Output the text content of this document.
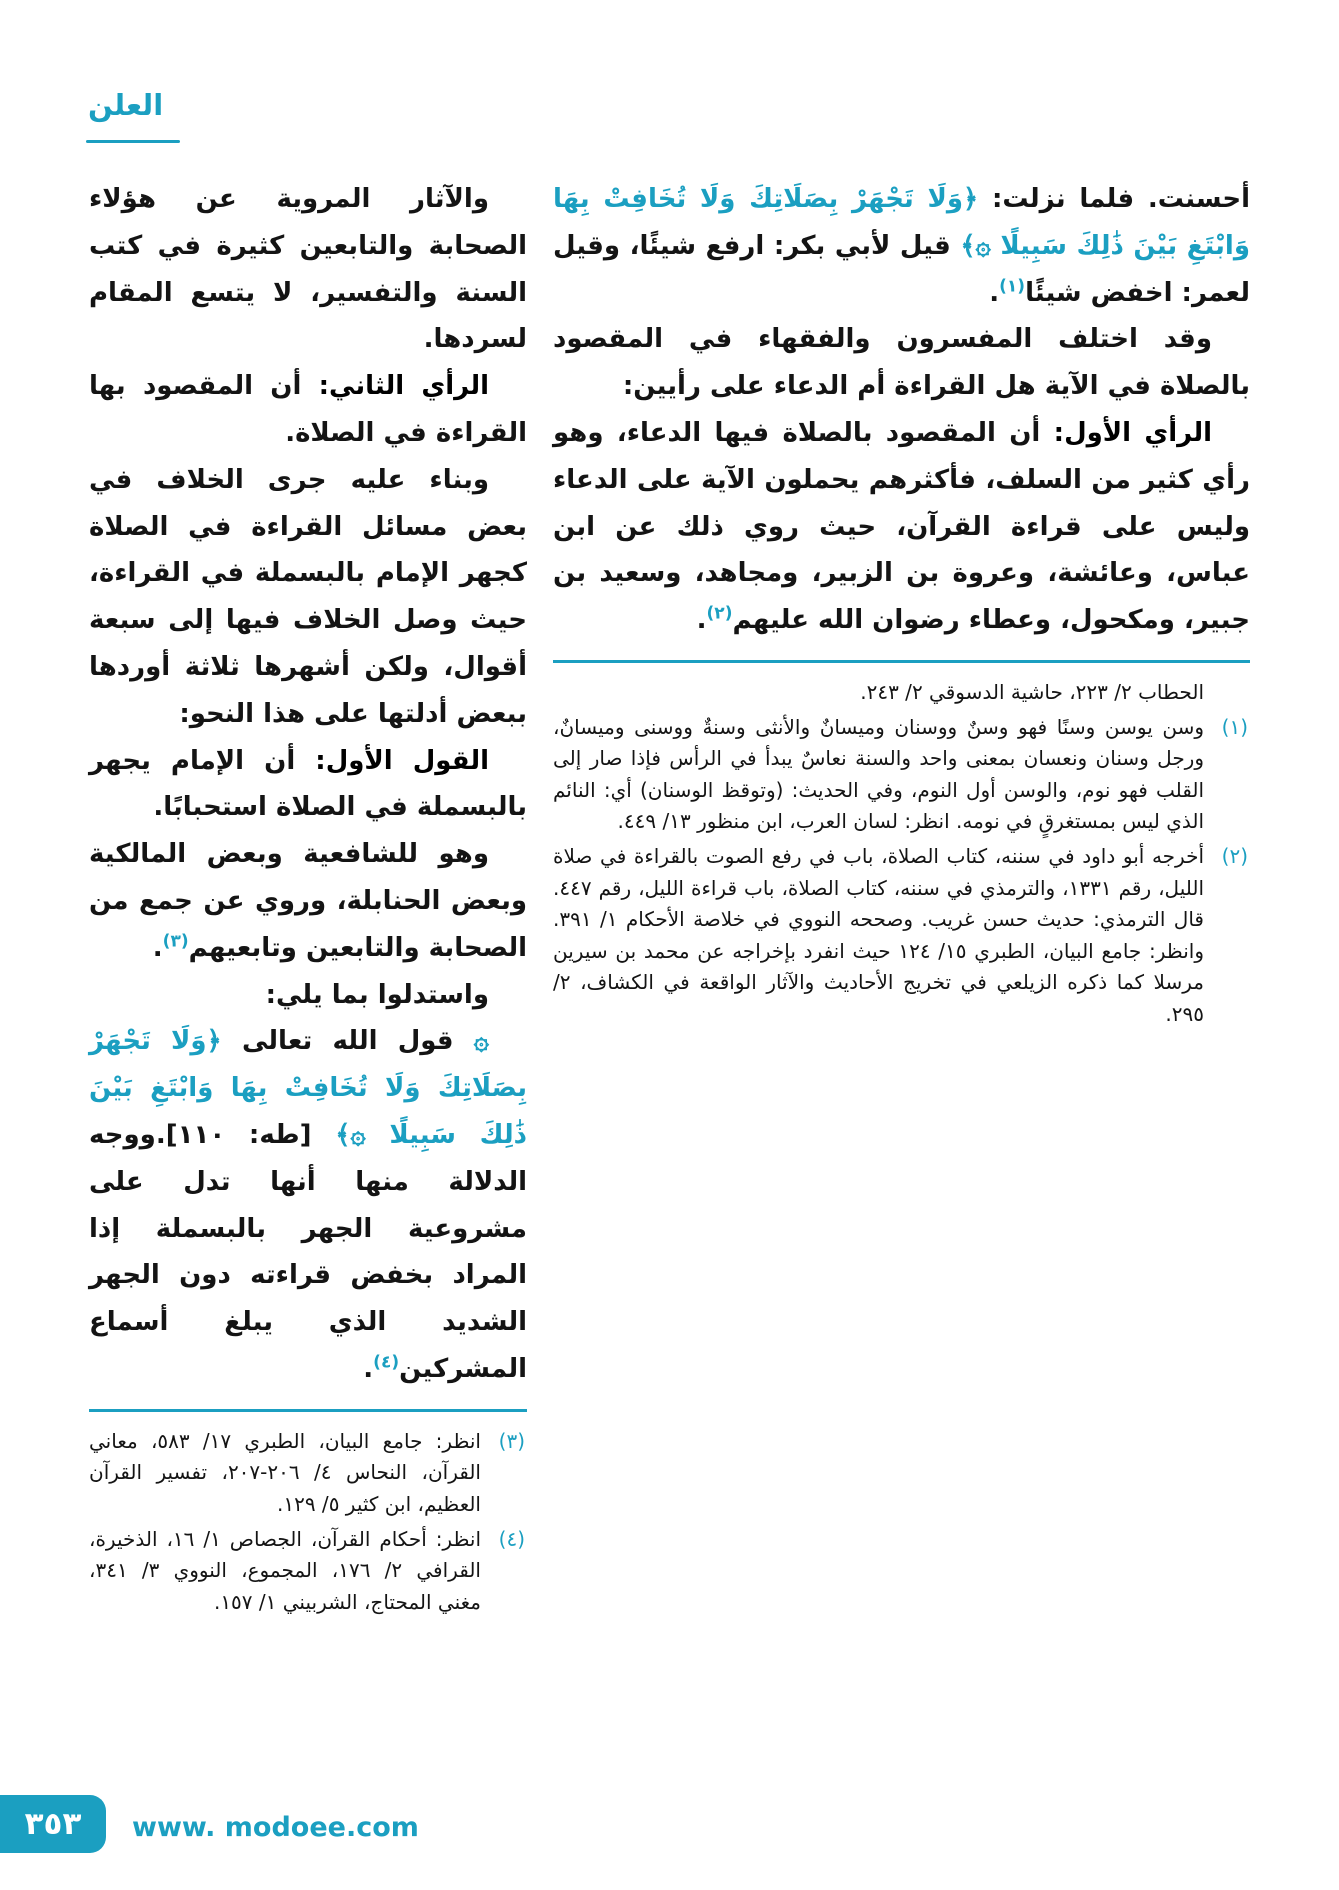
العلن

أحسنت. فلما نزلت: ﴿وَلَا تَجْهَرْ بِصَلَاتِكَ وَلَا تُخَافِتْ بِهَا وَابْتَغِ بَيْنَ ذَٰلِكَ سَبِيلًا ۞﴾ قيل لأبي بكر: ارفع شيئًا، وقيل لعمر: اخفض شيئًا$^{(١)}$.

وقد اختلف المفسرون والفقهاء في المقصود بالصلاة في الآية هل القراءة أم الدعاء على رأيين:

الرأي الأول: أن المقصود بالصلاة فيها الدعاء، وهو رأي كثير من السلف، فأكثرهم يحملون الآية على الدعاء وليس على قراءة القرآن، حيث روي ذلك عن ابن عباس، وعائشة، وعروة بن الزبير، ومجاهد، وسعيد بن جبير، ومكحول، وعطاء رضوان الله عليهم$^{(٢)}$.

الحطاب ٢/ ٢٢٣، حاشية الدسوقي ٢/ ٢٤٣.
(١)
وسن يوسن وسنًا فهو وسنٌ ووسنان وميسانٌ والأنثى وسنةٌ ووسنى وميسانٌ، ورجل وسنان ونعسان بمعنى واحد والسنة نعاسٌ يبدأ في الرأس فإذا صار إلى القلب فهو نوم، والوسن أول النوم، وفي الحديث: (وتوقظ الوسنان) أي: النائم الذي ليس بمستغرقٍ في نومه. انظر: لسان العرب، ابن منظور ١٣/ ٤٤٩.
(٢)
أخرجه أبو داود في سننه، كتاب الصلاة، باب في رفع الصوت بالقراءة في صلاة الليل، رقم ١٣٣١، والترمذي في سننه، كتاب الصلاة، باب قراءة الليل، رقم ٤٤٧. قال الترمذي: حديث حسن غريب. وصححه النووي في خلاصة الأحكام ١/ ٣٩١. وانظر: جامع البيان، الطبري ١٥/ ١٢٤ حيث انفرد بإخراجه عن محمد بن سيرين مرسلا كما ذكره الزيلعي في تخريج الأحاديث والآثار الواقعة في الكشاف، ٢/ ٢٩٥.

والآثار المروية عن هؤلاء الصحابة والتابعين كثيرة في كتب السنة والتفسير، لا يتسع المقام لسردها.

الرأي الثاني: أن المقصود بها القراءة في الصلاة.

وبناء عليه جرى الخلاف في بعض مسائل القراءة في الصلاة كجهر الإمام بالبسملة في القراءة، حيث وصل الخلاف فيها إلى سبعة أقوال، ولكن أشهرها ثلاثة أوردها ببعض أدلتها على هذا النحو:

القول الأول: أن الإمام يجهر بالبسملة في الصلاة استحبابًا.

وهو للشافعية وبعض المالكية وبعض الحنابلة، وروي عن جمع من الصحابة والتابعين وتابعيهم$^{(٣)}$.

واستدلوا بما يلي:

۞ قول الله تعالى ﴿وَلَا تَجْهَرْ بِصَلَاتِكَ وَلَا تُخَافِتْ بِهَا وَابْتَغِ بَيْنَ ذَٰلِكَ سَبِيلًا ۞﴾ [طه: ١١٠].ووجه الدلالة منها أنها تدل على مشروعية الجهر بالبسملة إذا المراد بخفض قراءته دون الجهر الشديد الذي يبلغ أسماع المشركين$^{(٤)}$.

(٣)
انظر: جامع البيان، الطبري ١٧/ ٥٨٣، معاني القرآن، النحاس ٤/ ٢٠٦-٢٠٧، تفسير القرآن العظيم، ابن كثير ٥/ ١٢٩.
(٤)
انظر: أحكام القرآن، الجصاص ١/ ١٦، الذخيرة، القرافي ٢/ ١٧٦، المجموع، النووي ٣/ ٣٤١، مغني المحتاج، الشربيني ١/ ١٥٧.
٣٥٣	www. modoee.com
